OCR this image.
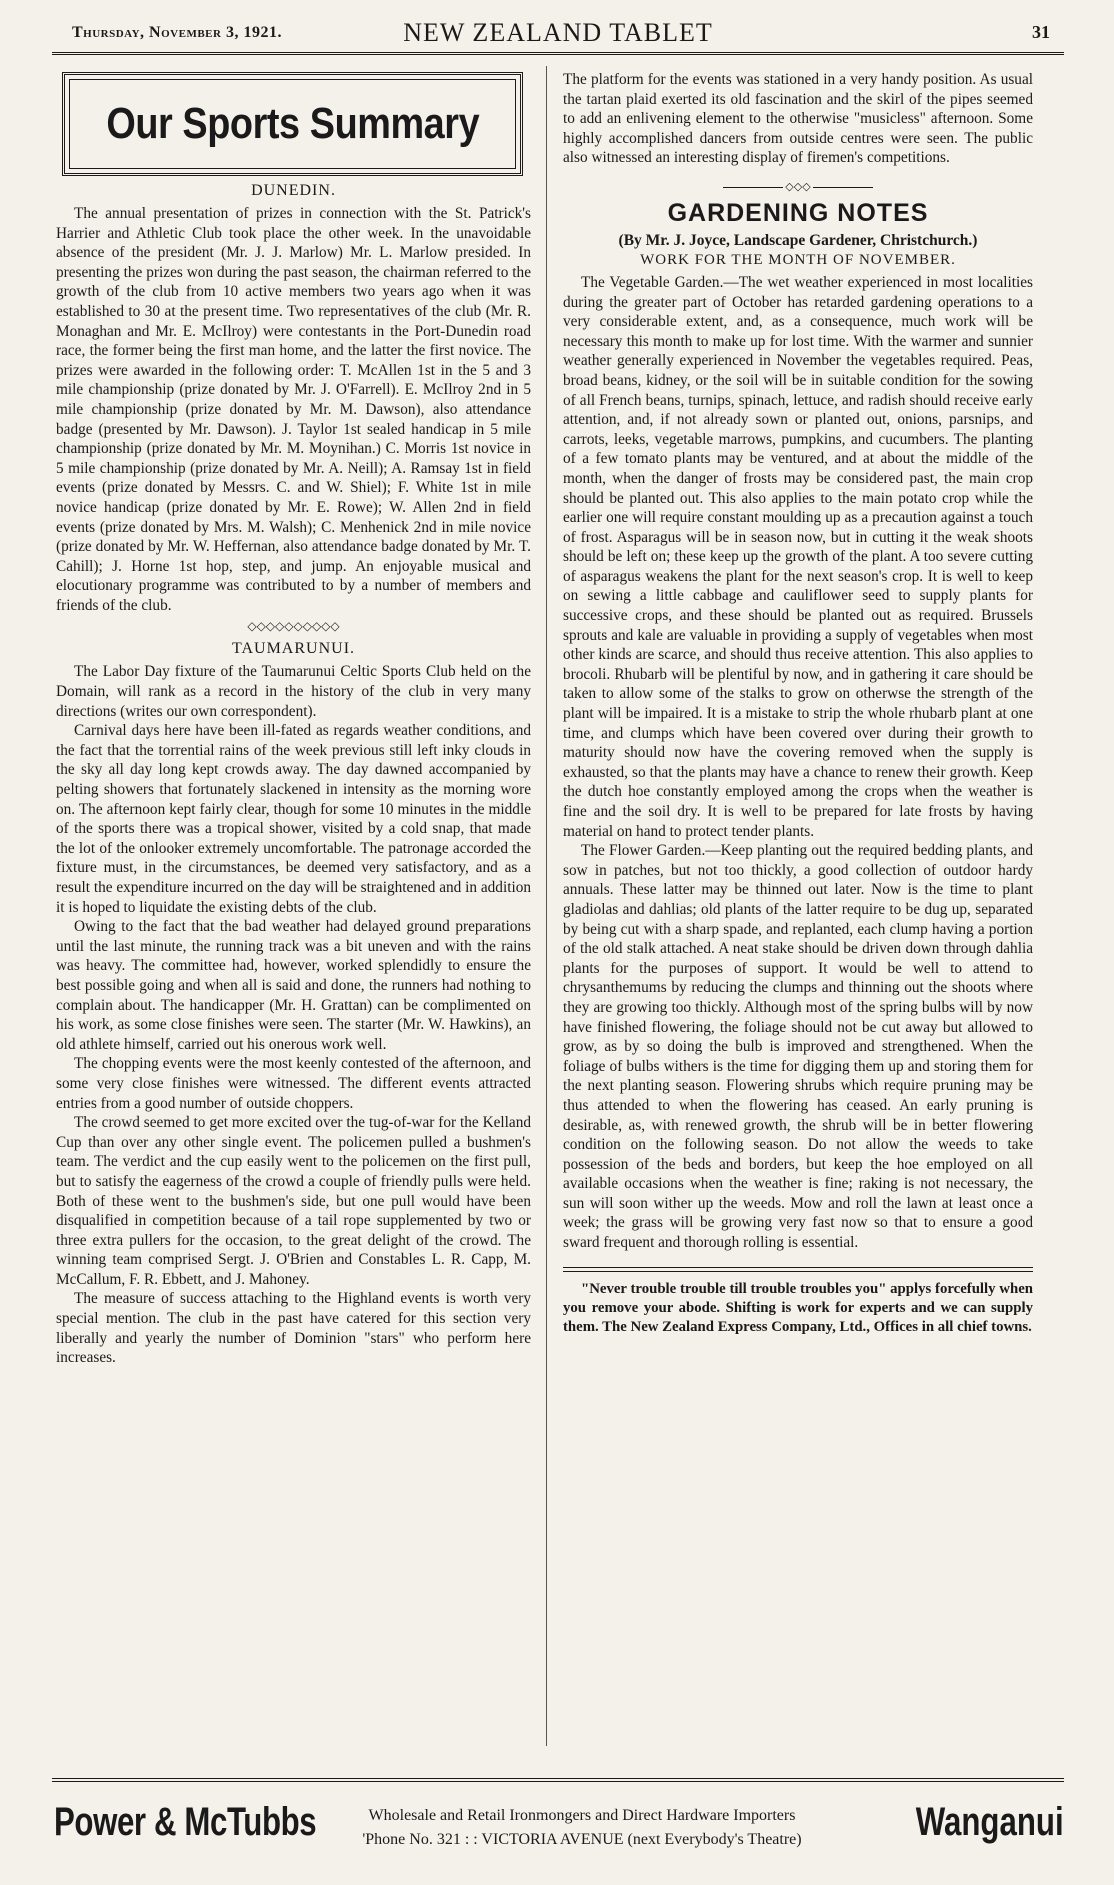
Thursday, November 3, 1921.	NEW ZEALAND TABLET	31
Our Sports Summary
DUNEDIN.

The annual presentation of prizes in connection with the St. Patrick's Harrier and Athletic Club took place the other week. In the unavoidable absence of the president (Mr. J. J. Marlow) Mr. L. Marlow presided. In presenting the prizes won during the past season, the chairman referred to the growth of the club from 10 active members two years ago when it was established to 30 at the present time. Two representatives of the club (Mr. R. Monaghan and Mr. E. McIlroy) were contestants in the Port-Dunedin road race, the former being the first man home, and the latter the first novice. The prizes were awarded in the following order: T. McAllen 1st in the 5 and 3 mile championship (prize donated by Mr. J. O'Farrell). E. McIlroy 2nd in 5 mile championship (prize donated by Mr. M. Dawson), also attendance badge (presented by Mr. Dawson). J. Taylor 1st sealed handicap in 5 mile championship (prize donated by Mr. M. Moynihan.) C. Morris 1st novice in 5 mile championship (prize donated by Mr. A. Neill); A. Ramsay 1st in field events (prize donated by Messrs. C. and W. Shiel); F. White 1st in mile novice handicap (prize donated by Mr. E. Rowe); W. Allen 2nd in field events (prize donated by Mrs. M. Walsh); C. Menhenick 2nd in mile novice (prize donated by Mr. W. Heffernan, also attendance badge donated by Mr. T. Cahill); J. Horne 1st hop, step, and jump. An enjoyable musical and elocutionary programme was contributed to by a number of members and friends of the club.

◇◇◇◇◇◇◇◇◇◇
TAUMARUNUI.

The Labor Day fixture of the Taumarunui Celtic Sports Club held on the Domain, will rank as a record in the history of the club in very many directions (writes our own correspondent).

Carnival days here have been ill-fated as regards weather conditions, and the fact that the torrential rains of the week previous still left inky clouds in the sky all day long kept crowds away. The day dawned accompanied by pelting showers that fortunately slackened in intensity as the morning wore on. The afternoon kept fairly clear, though for some 10 minutes in the middle of the sports there was a tropical shower, visited by a cold snap, that made the lot of the onlooker extremely uncomfortable. The patronage accorded the fixture must, in the circumstances, be deemed very satisfactory, and as a result the expenditure incurred on the day will be straightened and in addition it is hoped to liquidate the existing debts of the club.

Owing to the fact that the bad weather had delayed ground preparations until the last minute, the running track was a bit uneven and with the rains was heavy. The committee had, however, worked splendidly to ensure the best possible going and when all is said and done, the runners had nothing to complain about. The handicapper (Mr. H. Grattan) can be complimented on his work, as some close finishes were seen. The starter (Mr. W. Hawkins), an old athlete himself, carried out his onerous work well.

The chopping events were the most keenly contested of the afternoon, and some very close finishes were witnessed. The different events attracted entries from a good number of outside choppers.

The crowd seemed to get more excited over the tug-of-war for the Kelland Cup than over any other single event. The policemen pulled a bushmen's team. The verdict and the cup easily went to the policemen on the first pull, but to satisfy the eagerness of the crowd a couple of friendly pulls were held. Both of these went to the bushmen's side, but one pull would have been disqualified in competition because of a tail rope supplemented by two or three extra pullers for the occasion, to the great delight of the crowd. The winning team comprised Sergt. J. O'Brien and Constables L. R. Capp, M. McCallum, F. R. Ebbett, and J. Mahoney.

The measure of success attaching to the Highland events is worth very special mention. The club in the past have catered for this section very liberally and yearly the number of Dominion "stars" who perform here increases.

The platform for the events was stationed in a very handy position. As usual the tartan plaid exerted its old fascination and the skirl of the pipes seemed to add an enlivening element to the otherwise "musicless" afternoon. Some highly accomplished dancers from outside centres were seen. The public also witnessed an interesting display of firemen's competitions.

◇◇◇
GARDENING NOTES
(By Mr. J. Joyce, Landscape Gardener, Christchurch.)
WORK FOR THE MONTH OF NOVEMBER.

The Vegetable Garden.—The wet weather experienced in most localities during the greater part of October has retarded gardening operations to a very considerable extent, and, as a consequence, much work will be necessary this month to make up for lost time. With the warmer and sunnier weather generally experienced in November the vegetables required. Peas, broad beans, kidney, or the soil will be in suitable condition for the sowing of all French beans, turnips, spinach, lettuce, and radish should receive early attention, and, if not already sown or planted out, onions, parsnips, and carrots, leeks, vegetable marrows, pumpkins, and cucumbers. The planting of a few tomato plants may be ventured, and at about the middle of the month, when the danger of frosts may be considered past, the main crop should be planted out. This also applies to the main potato crop while the earlier one will require constant moulding up as a precaution against a touch of frost. Asparagus will be in season now, but in cutting it the weak shoots should be left on; these keep up the growth of the plant. A too severe cutting of asparagus weakens the plant for the next season's crop. It is well to keep on sewing a little cabbage and cauliflower seed to supply plants for successive crops, and these should be planted out as required. Brussels sprouts and kale are valuable in providing a supply of vegetables when most other kinds are scarce, and should thus receive attention. This also applies to brocoli. Rhubarb will be plentiful by now, and in gathering it care should be taken to allow some of the stalks to grow on otherwse the strength of the plant will be impaired. It is a mistake to strip the whole rhubarb plant at one time, and clumps which have been covered over during their growth to maturity should now have the covering removed when the supply is exhausted, so that the plants may have a chance to renew their growth. Keep the dutch hoe constantly employed among the crops when the weather is fine and the soil dry. It is well to be prepared for late frosts by having material on hand to protect tender plants.

The Flower Garden.—Keep planting out the required bedding plants, and sow in patches, but not too thickly, a good collection of outdoor hardy annuals. These latter may be thinned out later. Now is the time to plant gladiolas and dahlias; old plants of the latter require to be dug up, separated by being cut with a sharp spade, and replanted, each clump having a portion of the old stalk attached. A neat stake should be driven down through dahlia plants for the purposes of support. It would be well to attend to chrysanthemums by reducing the clumps and thinning out the shoots where they are growing too thickly. Although most of the spring bulbs will by now have finished flowering, the foliage should not be cut away but allowed to grow, as by so doing the bulb is improved and strengthened. When the foliage of bulbs withers is the time for digging them up and storing them for the next planting season. Flowering shrubs which require pruning may be thus attended to when the flowering has ceased. An early pruning is desirable, as, with renewed growth, the shrub will be in better flowering condition on the following season. Do not allow the weeds to take possession of the beds and borders, but keep the hoe employed on all available occasions when the weather is fine; raking is not necessary, the sun will soon wither up the weeds. Mow and roll the lawn at least once a week; the grass will be growing very fast now so that to ensure a good sward frequent and thorough rolling is essential.

"Never trouble trouble till trouble troubles you" applys forcefully when you remove your abode. Shifting is work for experts and we can supply them. The New Zealand Express Company, Ltd., Offices in all chief towns.

Power & McTubbs	Wholesale and Retail Ironmongers and Direct Hardware Importers
'Phone No. 321 : : VICTORIA AVENUE (next Everybody's Theatre)	Wanganui
